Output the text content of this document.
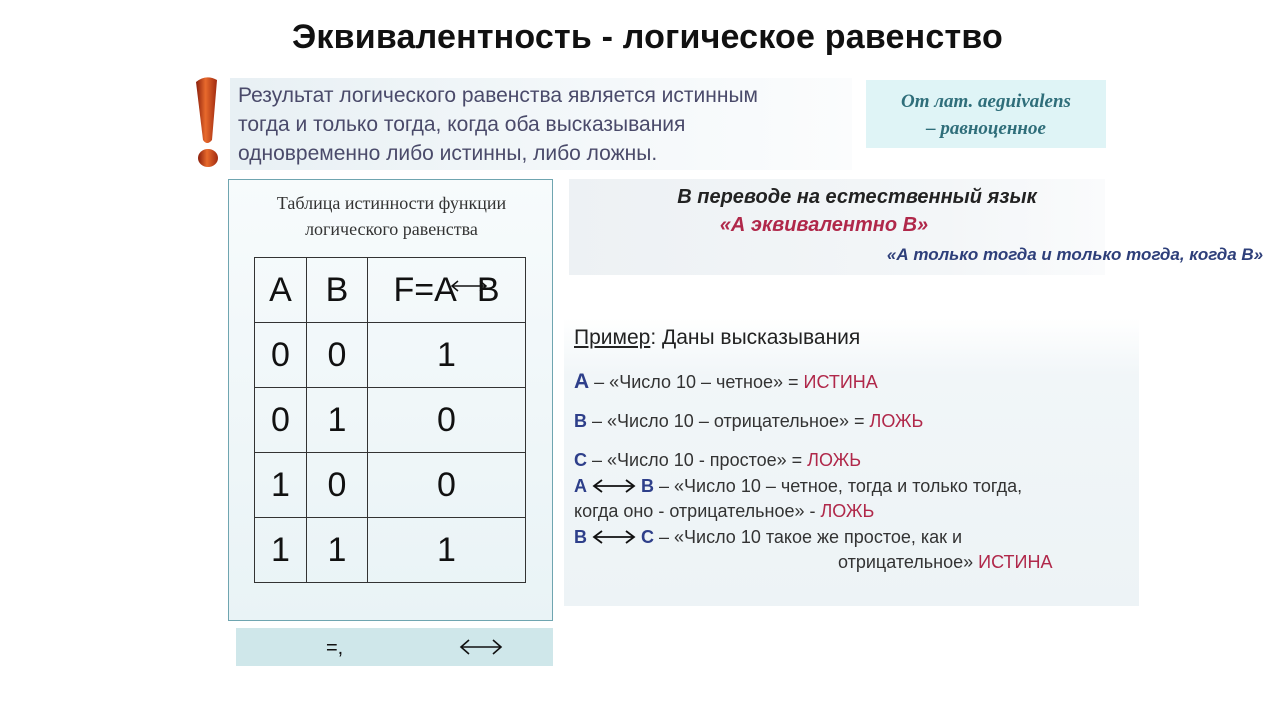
Эквивалентность - логическое равенство

Результат логического равенства является истинным
тогда и только тогда, когда оба высказывания
одновременно либо истинны, либо ложны.

От лат. aeguivalens
– равноценное
Таблица истинности функции
логического равенства
A	B	F=A B
0	0	1
0	1	0
1	0	0
1	1	1
=,
В переводе на естественный язык
«А эквивалентно В»
«А только тогда и только тогда, когда В»
Пример: Даны высказывания
А – «Число 10 – четное» = ИСТИНА
В – «Число 10 – отрицательное» = ЛОЖЬ
С – «Число 10 - простое» = ЛОЖЬ
А	В – «Число 10 – четное, тогда и только тогда,
когда оно - отрицательное» - ЛОЖЬ
В	С – «Число 10 такое же простое, как и
отрицательное» ИСТИНА
